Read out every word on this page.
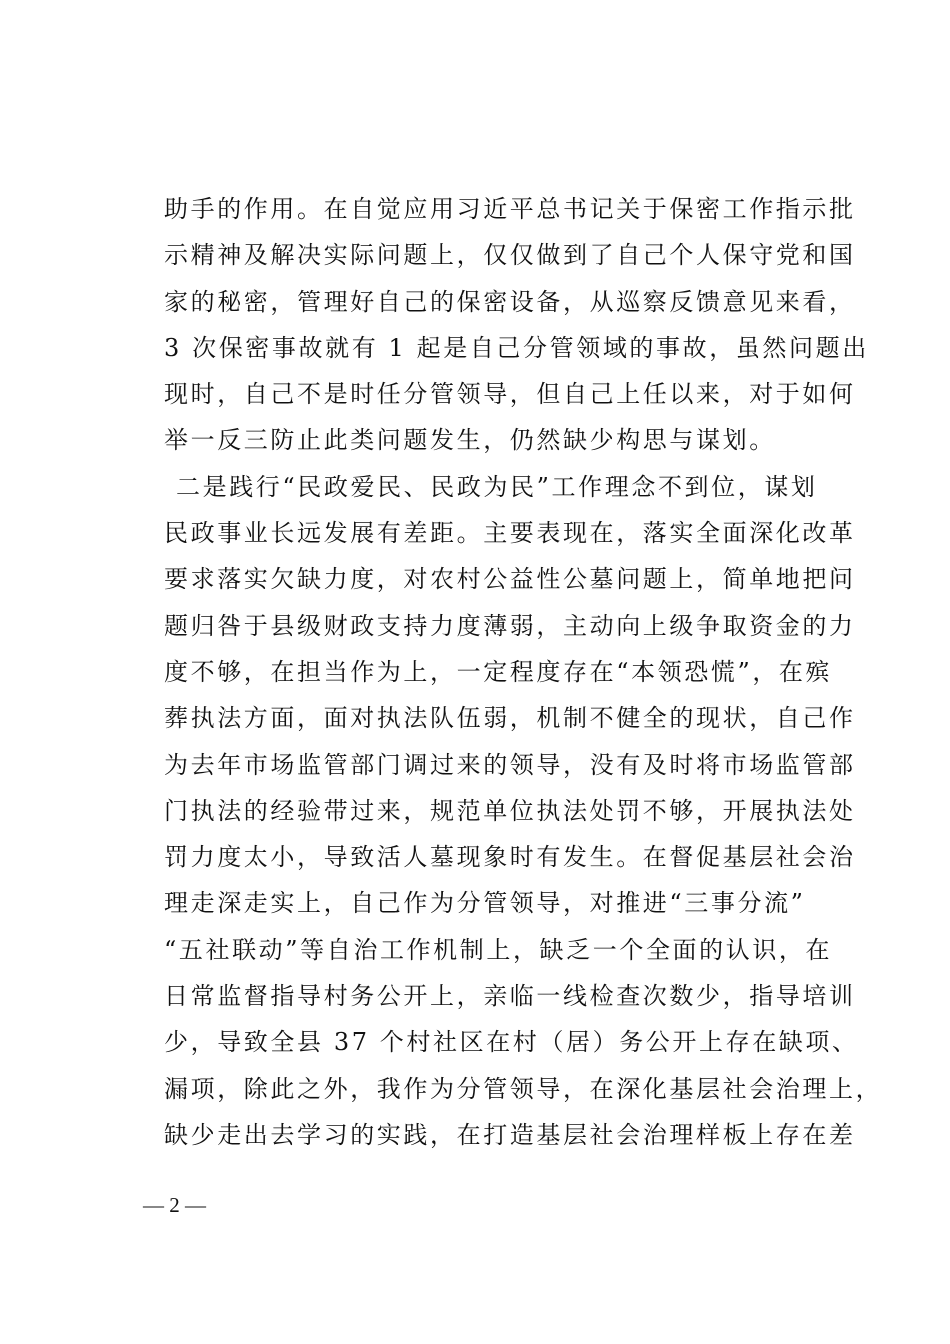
助手的作用。在自觉应用习近平总书记关于保密工作指示批
示精神及解决实际问题上，仅仅做到了自己个人保守党和国
家的秘密，管理好自己的保密设备，从巡察反馈意见来看，
3 次保密事故就有 1 起是自己分管领域的事故，虽然问题出
现时，自己不是时任分管领导，但自己上任以来，对于如何
举一反三防止此类问题发生，仍然缺少构思与谋划。
二是践行“民政爱民、民政为民”工作理念不到位，谋划
民政事业长远发展有差距。主要表现在，落实全面深化改革
要求落实欠缺力度，对农村公益性公墓问题上，简单地把问
题归咎于县级财政支持力度薄弱，主动向上级争取资金的力
度不够，在担当作为上，一定程度存在“本领恐慌”，在殡
葬执法方面，面对执法队伍弱，机制不健全的现状，自己作
为去年市场监管部门调过来的领导，没有及时将市场监管部
门执法的经验带过来，规范单位执法处罚不够，开展执法处
罚力度太小，导致活人墓现象时有发生。在督促基层社会治
理走深走实上，自己作为分管领导，对推进“三事分流”
“五社联动”等自治工作机制上，缺乏一个全面的认识，在
日常监督指导村务公开上，亲临一线检查次数少，指导培训
少，导致全县 37 个村社区在村（居）务公开上存在缺项、
漏项，除此之外，我作为分管领导，在深化基层社会治理上，
缺少走出去学习的实践，在打造基层社会治理样板上存在差
— 2 —
